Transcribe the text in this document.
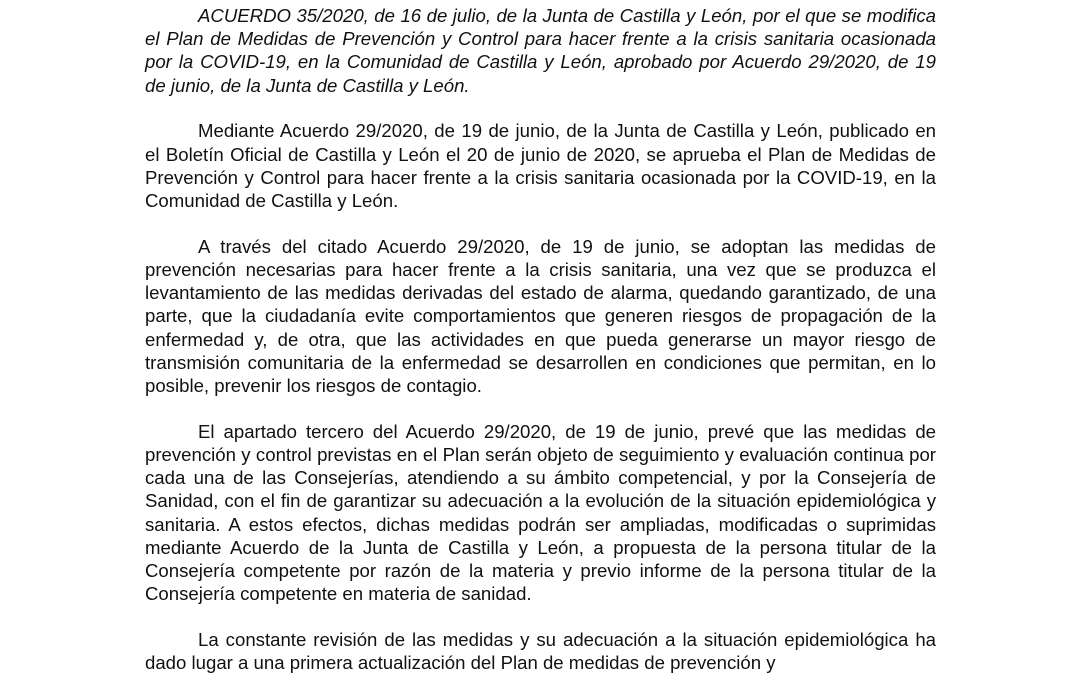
ACUERDO 35/2020, de 16 de julio, de la Junta de Castilla y León, por el que se modifica el Plan de Medidas de Prevención y Control para hacer frente a la crisis sanitaria ocasionada por la COVID-19, en la Comunidad de Castilla y León, aprobado por Acuerdo 29/2020, de 19 de junio, de la Junta de Castilla y León.

Mediante Acuerdo 29/2020, de 19 de junio, de la Junta de Castilla y León, publicado en el Boletín Oficial de Castilla y León el 20 de junio de 2020, se aprueba el Plan de Medidas de Prevención y Control para hacer frente a la crisis sanitaria ocasionada por la COVID-19, en la Comunidad de Castilla y León.

A través del citado Acuerdo 29/2020, de 19 de junio, se adoptan las medidas de prevención necesarias para hacer frente a la crisis sanitaria, una vez que se produzca el levantamiento de las medidas derivadas del estado de alarma, quedando garantizado, de una parte, que la ciudadanía evite comportamientos que generen riesgos de propagación de la enfermedad y, de otra, que las actividades en que pueda generarse un mayor riesgo de transmisión comunitaria de la enfermedad se desarrollen en condiciones que permitan, en lo posible, prevenir los riesgos de contagio.

El apartado tercero del Acuerdo 29/2020, de 19 de junio, prevé que las medidas de prevención y control previstas en el Plan serán objeto de seguimiento y evaluación continua por cada una de las Consejerías, atendiendo a su ámbito competencial, y por la Consejería de Sanidad, con el fin de garantizar su adecuación a la evolución de la situación epidemiológica y sanitaria. A estos efectos, dichas medidas podrán ser ampliadas, modificadas o suprimidas mediante Acuerdo de la Junta de Castilla y León, a propuesta de la persona titular de la Consejería competente por razón de la materia y previo informe de la persona titular de la Consejería competente en materia de sanidad.

La constante revisión de las medidas y su adecuación a la situación epidemiológica ha dado lugar a una primera actualización del Plan de medidas de prevención y
